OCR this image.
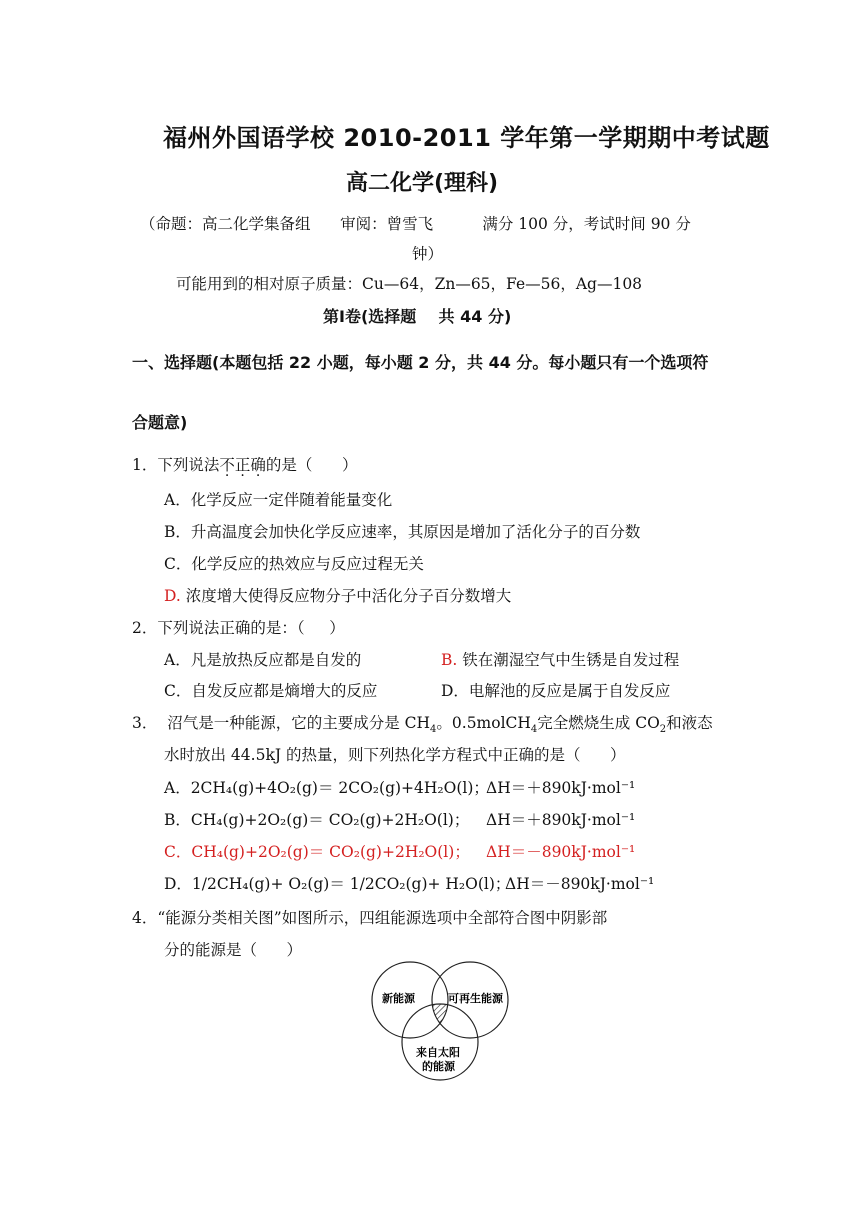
福州外国语学校 2010-2011 学年第一学期期中考试题
高二化学(理科)
（命题：高二化学集备组      审阅：曾雪飞          满分 100 分，考试时间 90 分
钟）
可能用到的相对原子质量：Cu—64，Zn—65，Fe—56，Ag—108
第Ⅰ卷(选择题    共 44 分)
一、选择题(本题包括 22 小题，每小题 2 分，共 44 分。每小题只有一个选项符
合题意)
1．下列说法不正确的是（      ）
A．化学反应一定伴随着能量变化
B．升高温度会加快化学反应速率，其原因是增加了活化分子的百分数
C．化学反应的热效应与反应过程无关
D. 浓度增大使得反应物分子中活化分子百分数增大
2．下列说法正确的是：（     ）
A．凡是放热反应都是自发的	B. 铁在潮湿空气中生锈是自发过程
C．自发反应都是熵增大的反应	D．电解池的反应是属于自发反应
3．  沼气是一种能源，它的主要成分是 $CH_4$。0.5molCH$_4$完全燃烧生成 $CO_2$和液态
水时放出 44.5kJ 的热量，则下列热化学方程式中正确的是（      ）
A．2CH₄(g)+4O₂(g)＝ 2CO₂(g)+4H₂O(l)；
ΔH＝＋890kJ·mol⁻¹
B．CH₄(g)+2O₂(g)＝ CO₂(g)+2H₂O(l)； ΔH＝＋890kJ·mol⁻¹
C．CH₄(g)+2O₂(g)＝ CO₂(g)+2H₂O(l)； ΔH＝－890kJ·mol⁻¹
D．1/2CH₄(g)+ O₂(g)＝ 1/2CO₂(g)+ H₂O(l)；
ΔH＝－890kJ·mol⁻¹
4．“能源分类相关图”如图所示，四组能源选项中全部符合图中阴影部
分的能源是（      ）
新能源	可再生能源
来自太阳
的能源
